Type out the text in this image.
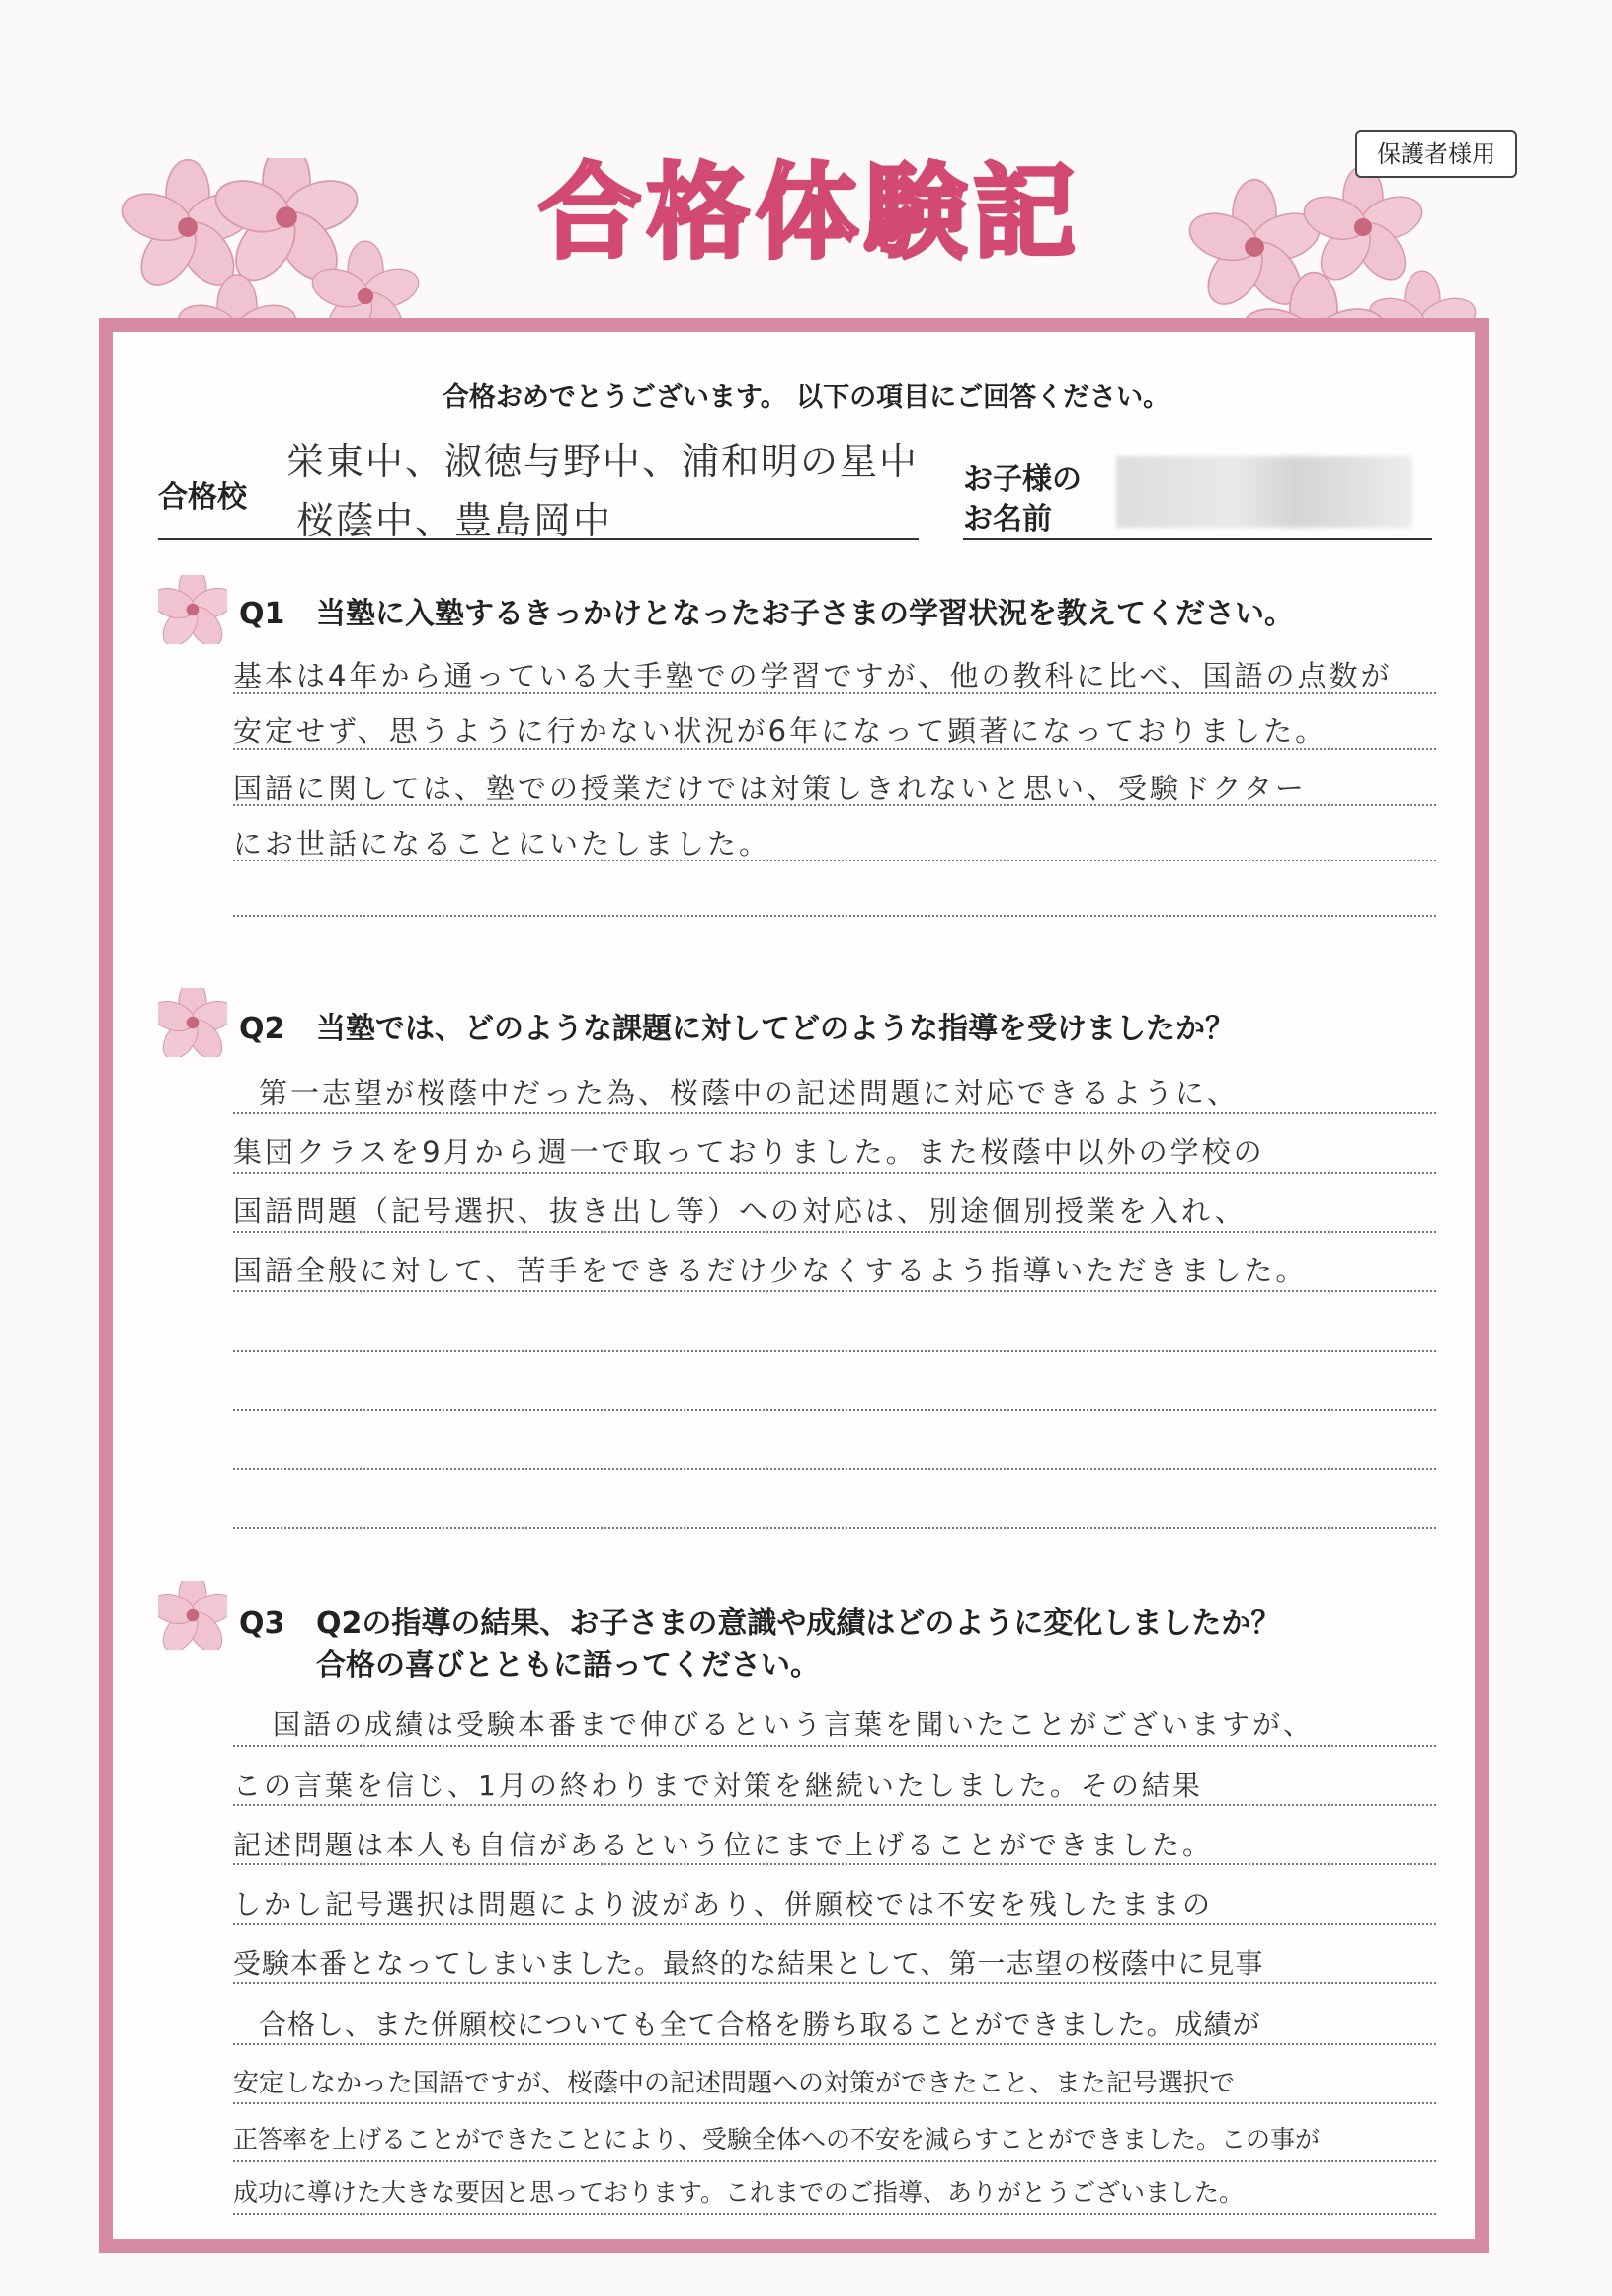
保護者様用
合格体験記
合格おめでとうございます。 以下の項目にご回答ください。
合格校
栄東中、淑徳与野中、浦和明の星中
桜蔭中、豊島岡中
お子様の
お名前
Q1 当塾に入塾するきっかけとなったお子さまの学習状況を教えてください。
基本は4年から通っている大手塾での学習ですが、他の教科に比べ、国語の点数が
安定せず、思うように行かない状況が6年になって顕著になっておりました。
国語に関しては、塾での授業だけでは対策しきれないと思い、受験ドクター
にお世話になることにいたしました。
Q2 当塾では、どのような課題に対してどのような指導を受けましたか？
第一志望が桜蔭中だった為、桜蔭中の記述問題に対応できるように、
集団クラスを9月から週一で取っておりました。また桜蔭中以外の学校の
国語問題（記号選択、抜き出し等）への対応は、別途個別授業を入れ、
国語全般に対して、苦手をできるだけ少なくするよう指導いただきました。
Q3 Q2の指導の結果、お子さまの意識や成績はどのように変化しましたか？
合格の喜びとともに語ってください。
国語の成績は受験本番まで伸びるという言葉を聞いたことがございますが、
この言葉を信じ、1月の終わりまで対策を継続いたしました。その結果
記述問題は本人も自信があるという位にまで上げることができました。
しかし記号選択は問題により波があり、併願校では不安を残したままの
受験本番となってしまいました。最終的な結果として、第一志望の桜蔭中に見事
合格し、また併願校についても全て合格を勝ち取ることができました。成績が
安定しなかった国語ですが、桜蔭中の記述問題への対策ができたこと、また記号選択で
正答率を上げることができたことにより、受験全体への不安を減らすことができました。この事が
成功に導けた大きな要因と思っております。これまでのご指導、ありがとうございました。
